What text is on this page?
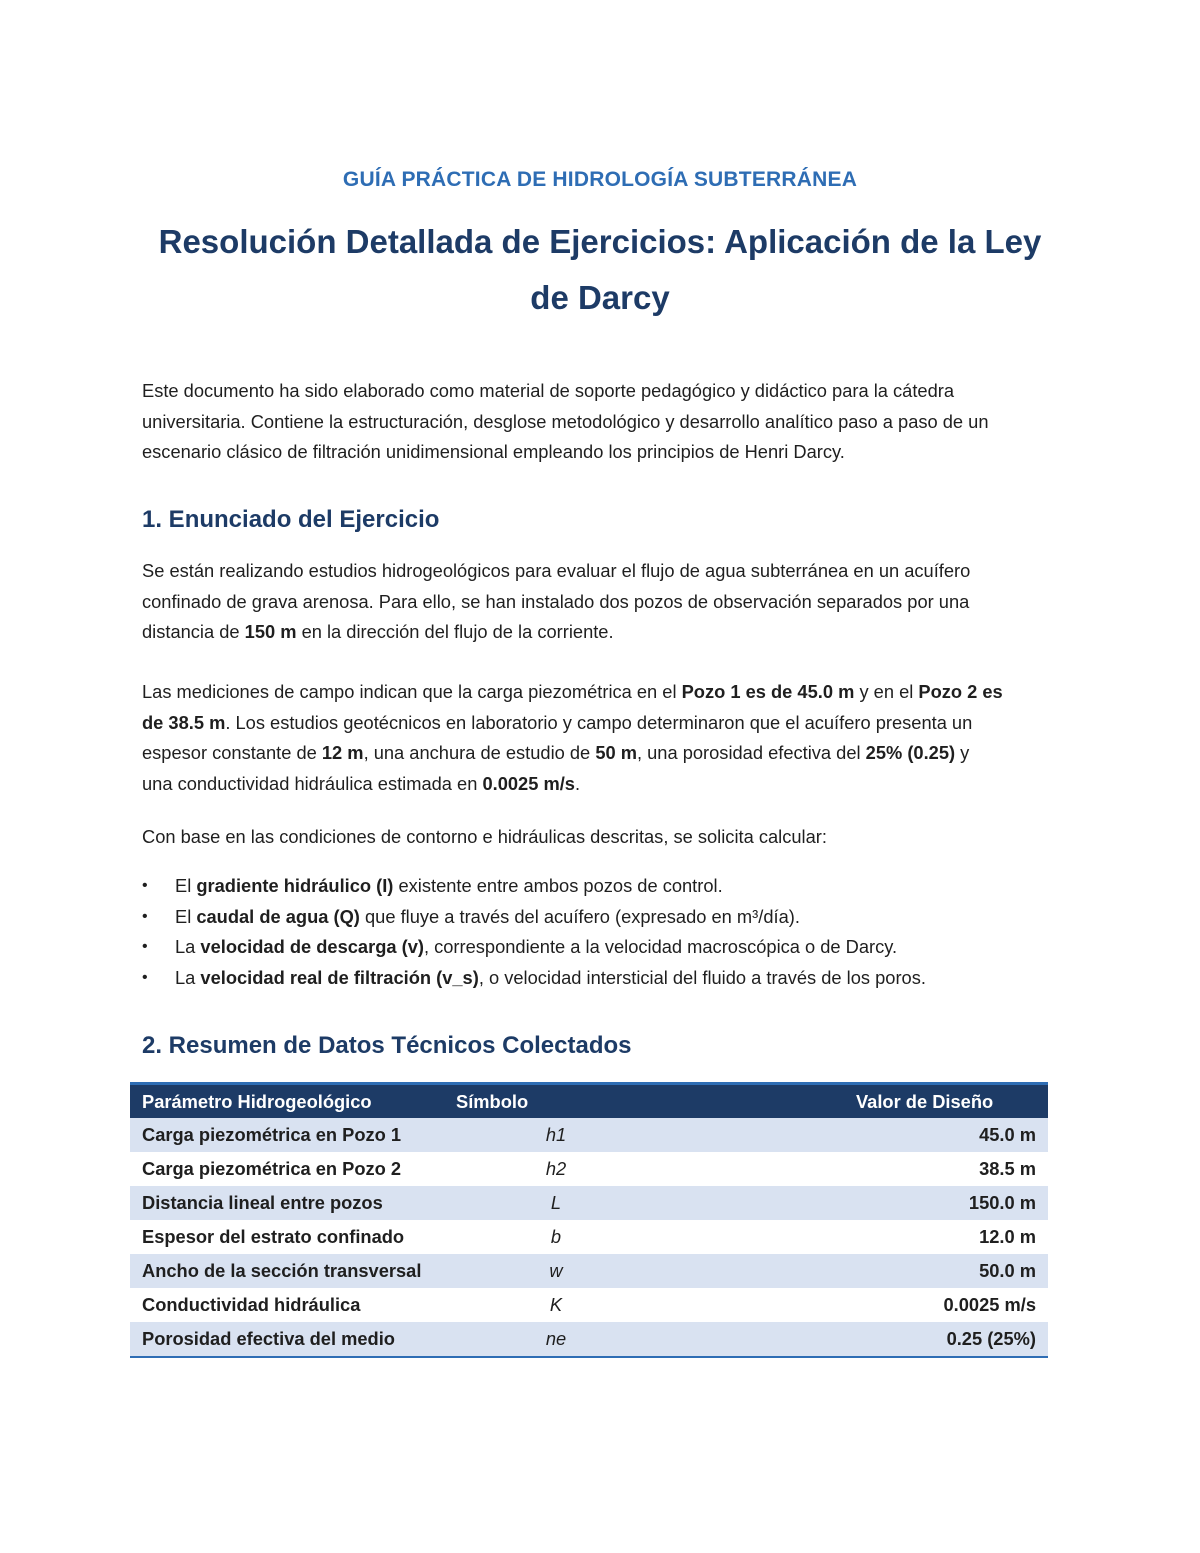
GUÍA PRÁCTICA DE HIDROLOGÍA SUBTERRÁNEA
Resolución Detallada de Ejercicios: Aplicación de la Ley
de Darcy

Este documento ha sido elaborado como material de soporte pedagógico y didáctico para la cátedra
universitaria. Contiene la estructuración, desglose metodológico y desarrollo analítico paso a paso de un
escenario clásico de filtración unidimensional empleando los principios de Henri Darcy.

1. Enunciado del Ejercicio

Se están realizando estudios hidrogeológicos para evaluar el flujo de agua subterránea en un acuífero
confinado de grava arenosa. Para ello, se han instalado dos pozos de observación separados por una
distancia de 150 m en la dirección del flujo de la corriente.

Las mediciones de campo indican que la carga piezométrica en el Pozo 1 es de 45.0 m y en el Pozo 2 es
de 38.5 m. Los estudios geotécnicos en laboratorio y campo determinaron que el acuífero presenta un
espesor constante de 12 m, una anchura de estudio de 50 m, una porosidad efectiva del 25% (0.25) y
una conductividad hidráulica estimada en 0.0025 m/s.

Con base en las condiciones de contorno e hidráulicas descritas, se solicita calcular:

• El gradiente hidráulico (I) existente entre ambos pozos de control.
• El caudal de agua (Q) que fluye a través del acuífero (expresado en m³/día).
• La velocidad de descarga (v), correspondiente a la velocidad macroscópica o de Darcy.
• La velocidad real de filtración (v_s), o velocidad intersticial del fluido a través de los poros.
2. Resumen de Datos Técnicos Colectados
Parámetro Hidrogeológico	Símbolo	Valor de Diseño
Carga piezométrica en Pozo 1	h1	45.0 m
Carga piezométrica en Pozo 2	h2	38.5 m
Distancia lineal entre pozos	L	150.0 m
Espesor del estrato confinado	b	12.0 m
Ancho de la sección transversal	w	50.0 m
Conductividad hidráulica	K	0.0025 m/s
Porosidad efectiva del medio	ne	0.25 (25%)
